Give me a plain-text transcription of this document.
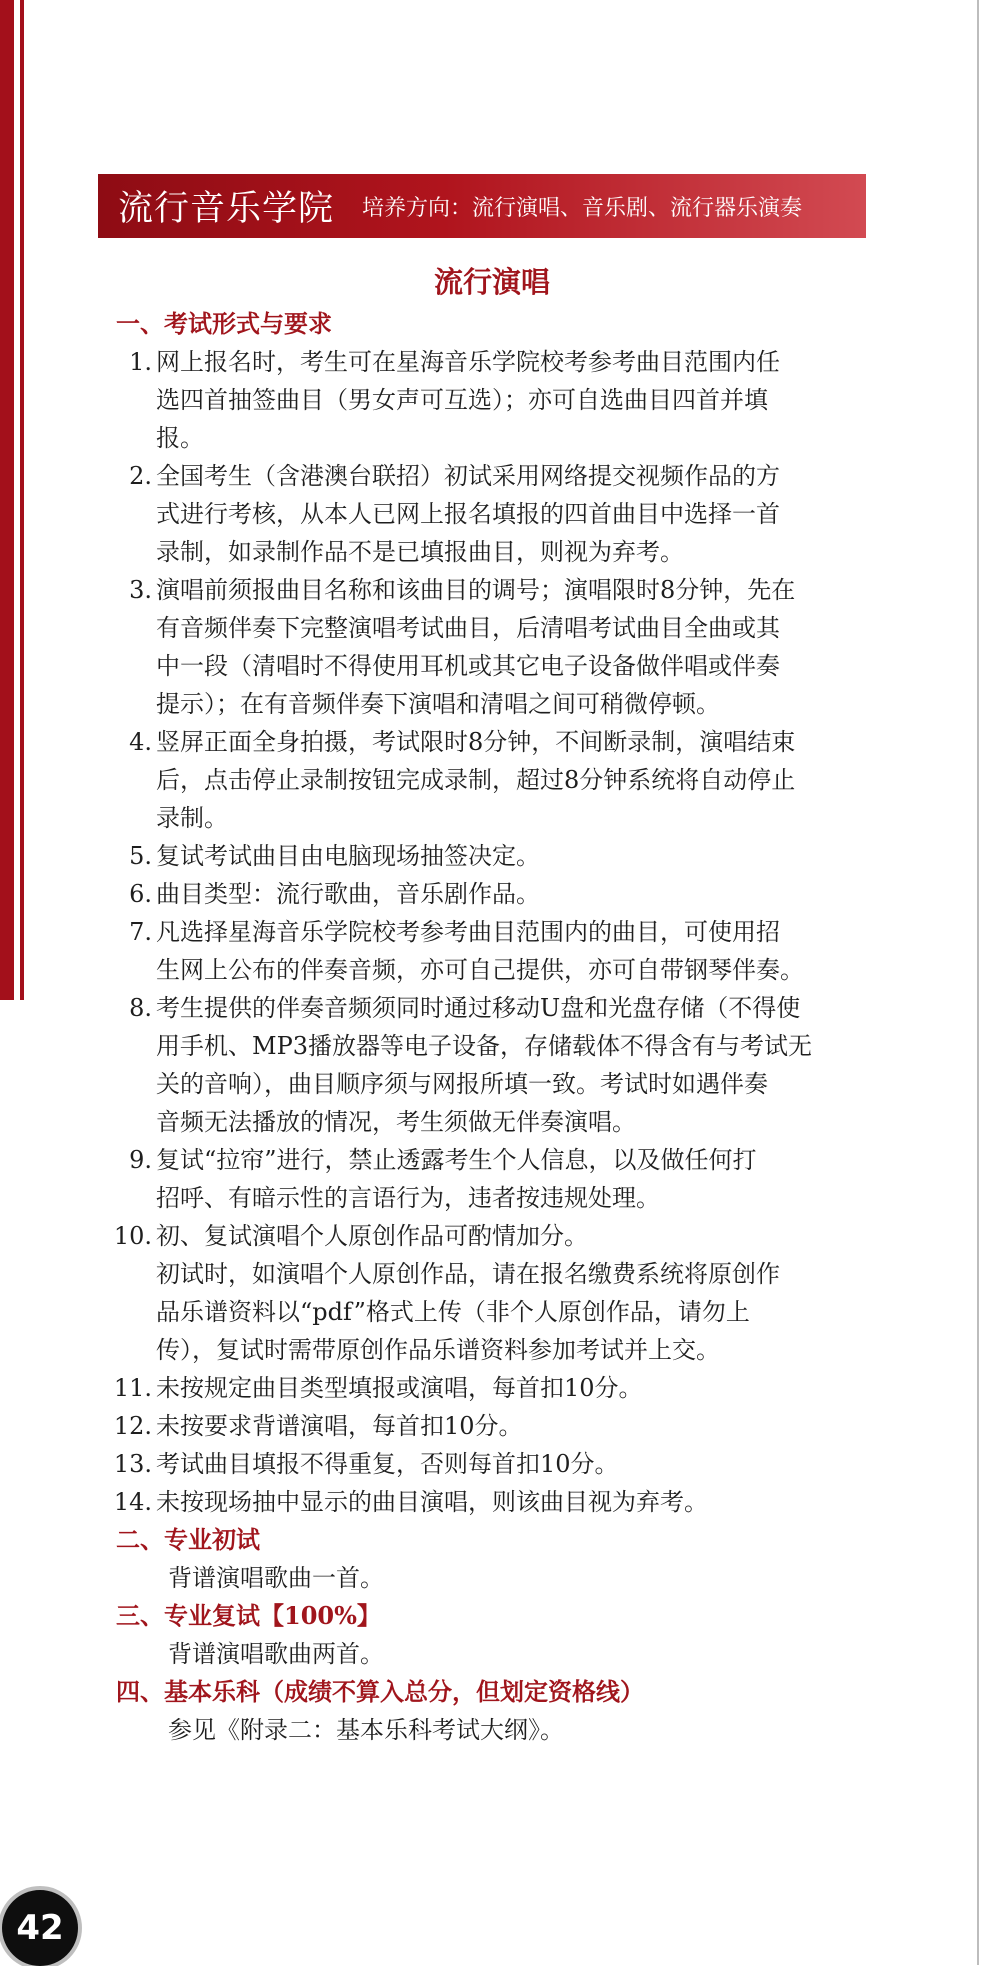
流行音乐学院 培养方向：流行演唱、音乐剧、流行器乐演奏
流行演唱
一、考试形式与要求
1. 网上报名时，考生可在星海音乐学院校考参考曲目范围内任
选四首抽签曲目（男女声可互选）；亦可自选曲目四首并填
报。
2. 全国考生（含港澳台联招）初试采用网络提交视频作品的方
式进行考核，从本人已网上报名填报的四首曲目中选择一首
录制，如录制作品不是已填报曲目，则视为弃考。
3. 演唱前须报曲目名称和该曲目的调号；演唱限时8分钟，先在
有音频伴奏下完整演唱考试曲目，后清唱考试曲目全曲或其
中一段（清唱时不得使用耳机或其它电子设备做伴唱或伴奏
提示）；在有音频伴奏下演唱和清唱之间可稍微停顿。
4. 竖屏正面全身拍摄，考试限时8分钟，不间断录制，演唱结束
后，点击停止录制按钮完成录制，超过8分钟系统将自动停止
录制。
5. 复试考试曲目由电脑现场抽签决定。
6. 曲目类型：流行歌曲，音乐剧作品。
7. 凡选择星海音乐学院校考参考曲目范围内的曲目，可使用招
生网上公布的伴奏音频，亦可自己提供，亦可自带钢琴伴奏。
8. 考生提供的伴奏音频须同时通过移动U盘和光盘存储（不得使
用手机、MP3播放器等电子设备，存储载体不得含有与考试无
关的音响），曲目顺序须与网报所填一致。考试时如遇伴奏
音频无法播放的情况，考生须做无伴奏演唱。
9. 复试“拉帘”进行，禁止透露考生个人信息，以及做任何打
招呼、有暗示性的言语行为，违者按违规处理。
10. 初、复试演唱个人原创作品可酌情加分。
初试时，如演唱个人原创作品，请在报名缴费系统将原创作
品乐谱资料以“pdf”格式上传（非个人原创作品，请勿上
传），复试时需带原创作品乐谱资料参加考试并上交。
11. 未按规定曲目类型填报或演唱，每首扣10分。
12. 未按要求背谱演唱，每首扣10分。
13. 考试曲目填报不得重复，否则每首扣10分。
14. 未按现场抽中显示的曲目演唱，则该曲目视为弃考。
二、专业初试
背谱演唱歌曲一首。
三、专业复试【100%】
背谱演唱歌曲两首。
四、基本乐科（成绩不算入总分，但划定资格线）
参见《附录二：基本乐科考试大纲》。
42
